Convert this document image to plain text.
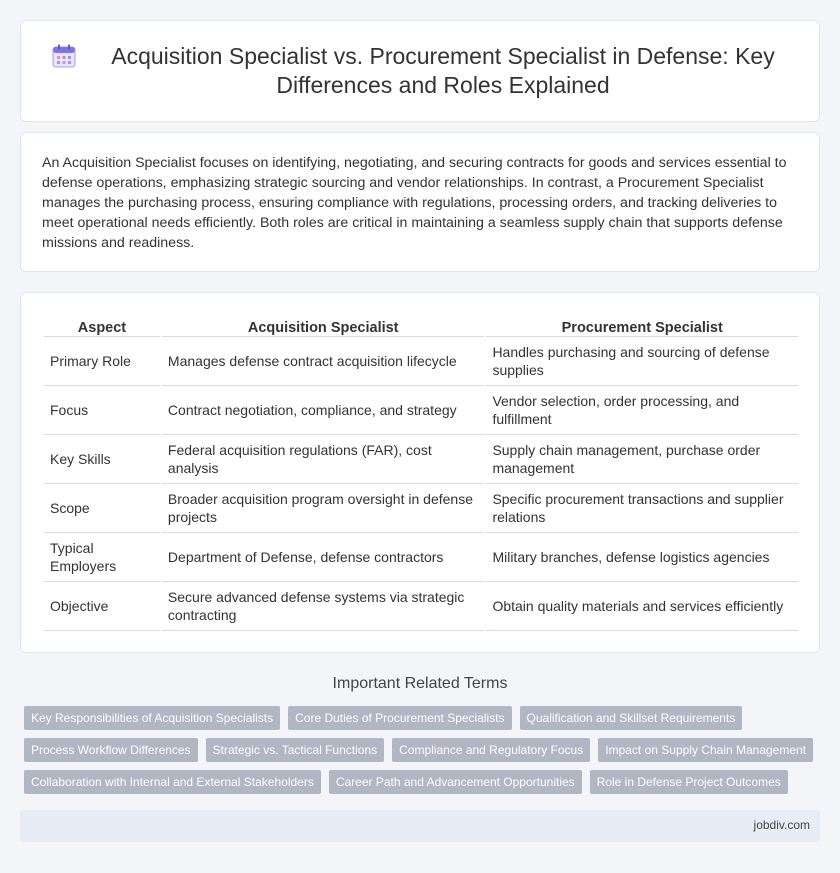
Acquisition Specialist vs. Procurement Specialist in Defense: Key Differences and Roles Explained

An Acquisition Specialist focuses on identifying, negotiating, and securing contracts for goods and services essential to defense operations, emphasizing strategic sourcing and vendor relationships. In contrast, a Procurement Specialist manages the purchasing process, ensuring compliance with regulations, processing orders, and tracking deliveries to meet operational needs efficiently. Both roles are critical in maintaining a seamless supply chain that supports defense missions and readiness.

Aspect	Acquisition Specialist	Procurement Specialist
Primary Role	Manages defense contract acquisition lifecycle	Handles purchasing and sourcing of defense supplies
Focus	Contract negotiation, compliance, and strategy	Vendor selection, order processing, and fulfillment
Key Skills	Federal acquisition regulations (FAR), cost analysis	Supply chain management, purchase order management
Scope	Broader acquisition program oversight in defense projects	Specific procurement transactions and supplier relations
Typical Employers	Department of Defense, defense contractors	Military branches, defense logistics agencies
Objective	Secure advanced defense systems via strategic contracting	Obtain quality materials and services efficiently
Important Related Terms
Key Responsibilities of Acquisition Specialists	Core Duties of Procurement Specialists	Qualification and Skillset Requirements
Process Workflow Differences	Strategic vs. Tactical Functions	Compliance and Regulatory Focus	Impact on Supply Chain Management
Collaboration with Internal and External Stakeholders	Career Path and Advancement Opportunities	Role in Defense Project Outcomes
jobdiv.com
